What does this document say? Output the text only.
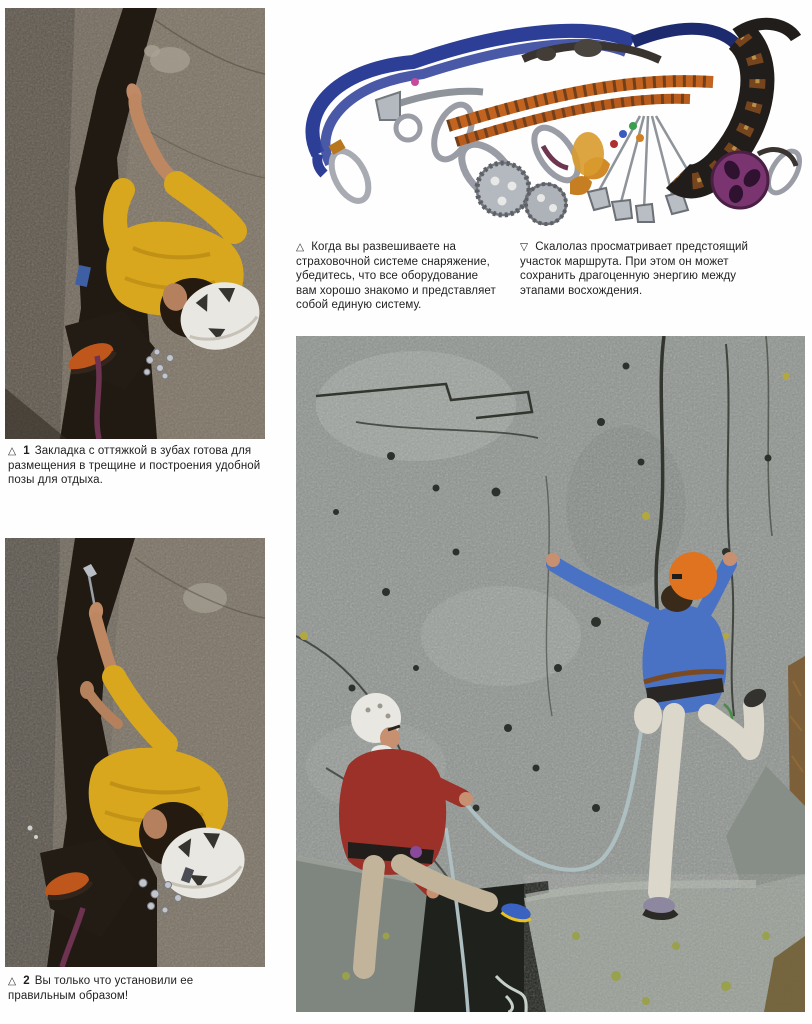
△ 1 Закладка с оттяжкой в зубах готова для размещения в трещине и построения удобной позы для отдыха.

△ 2 Вы только что установили ее правильным образом!

△ Когда вы развешиваете на страховочной системе снаряжение, убедитесь, что все оборудование вам хорошо знакомо и представляет собой единую систему.

▽ Скалолаз просматривает предстоящий участок маршрута. При этом он может сохранить драгоценную энергию между этапами восхождения.
